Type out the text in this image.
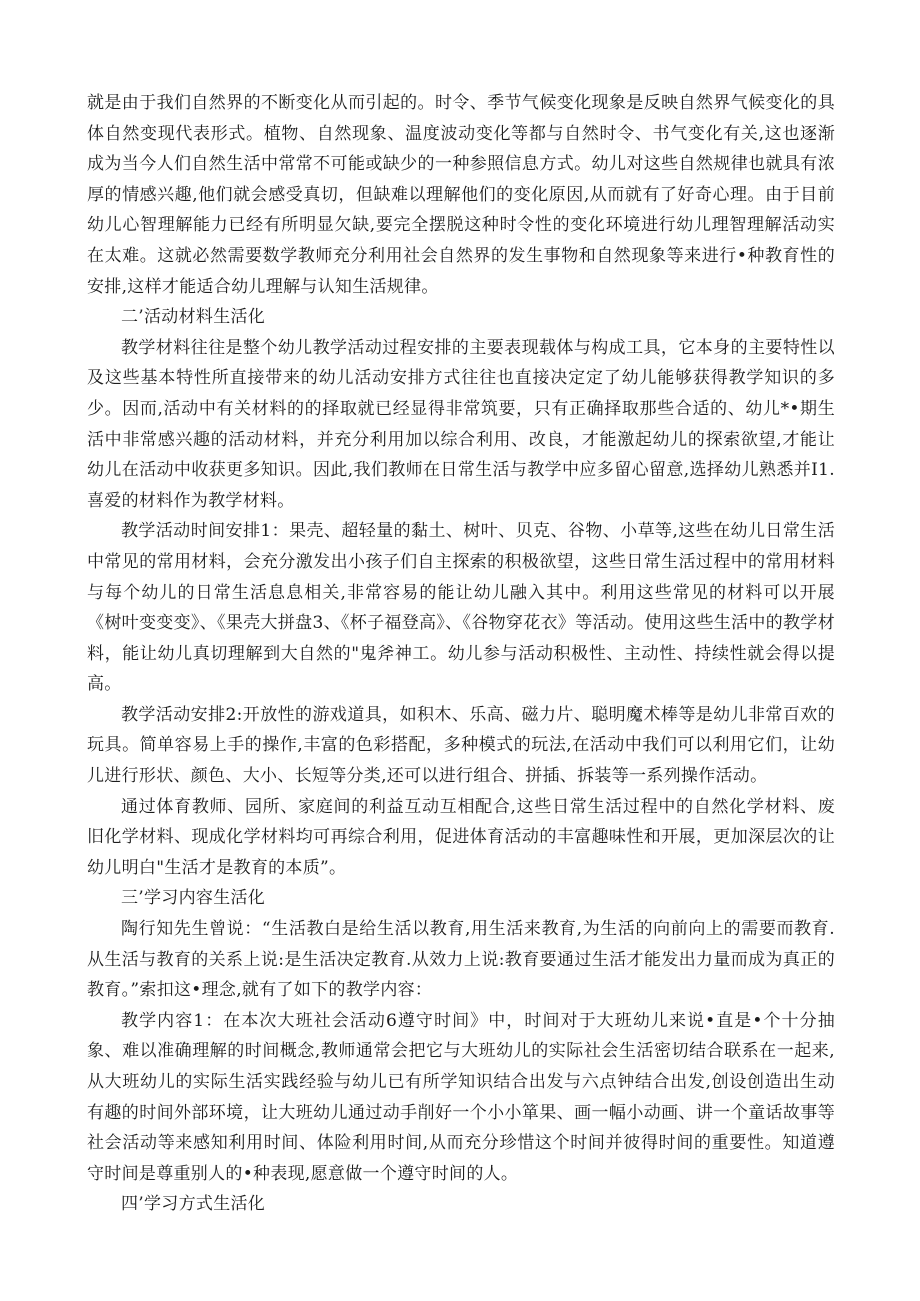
就是由于我们自然界的不断变化从而引起的。时令、季节气候变化现象是反映自然界气候变化的具体自然变现代表形式。植物、自然现象、温度波动变化等都与自然时令、书气变化有关,这也逐渐成为当今人们自然生活中常常不可能或缺少的一种参照信息方式。幼儿对这些自然规律也就具有浓厚的情感兴趣,他们就会感受真切，但缺难以理解他们的变化原因,从而就有了好奇心理。由于目前幼儿心智理解能力已经有所明显欠缺,要完全摆脱这种时令性的变化环境进行幼儿理智理解活动实在太难。这就必然需要数学教师充分利用社会自然界的发生事物和自然现象等来进行•种教育性的安排,这样才能适合幼儿理解与认知生活规律。

二’活动材料生活化

教学材料往往是整个幼儿教学活动过程安排的主要表现载体与构成工具，它本身的主要特性以及这些基本特性所直接带来的幼儿活动安排方式往往也直接决定定了幼儿能够获得教学知识的多少。因而,活动中有关材料的的择取就已经显得非常筑要，只有正确择取那些合适的、幼儿*•期生活中非常感兴趣的活动材料，并充分利用加以综合利用、改良，才能激起幼儿的探索欲望,才能让幼儿在活动中收获更多知识。因此,我们教师在日常生活与教学中应多留心留意,选择幼儿熟悉并I1.喜爱的材料作为教学材料。

教学活动时间安排1：果壳、超轻量的黏土、树叶、贝克、谷物、小草等,这些在幼儿日常生活中常见的常用材料，会充分激发出小孩子们自主探索的积极欲望，这些日常生活过程中的常用材料与每个幼儿的日常生活息息相关,非常容易的能让幼儿融入其中。利用这些常见的材料可以开展《树叶变变变》、《果壳大拼盘3、《杯子福登高》、《谷物穿花衣》等活动。使用这些生活中的教学材料，能让幼儿真切理解到大自然的"鬼斧神工。幼儿参与活动积极性、主动性、持续性就会得以提高。

教学活动安排2:开放性的游戏道具，如积木、乐高、磁力片、聪明魔术棒等是幼儿非常百欢的玩具。简单容易上手的操作,丰富的色彩搭配，多种模式的玩法,在活动中我们可以利用它们，让幼儿进行形状、颜色、大小、长短等分类,还可以进行组合、拼插、拆装等一系列操作活动。

通过体育教师、园所、家庭间的利益互动互相配合,这些日常生活过程中的自然化学材料、废旧化学材料、现成化学材料均可再综合利用，促进体育活动的丰富趣味性和开展，更加深层次的让幼儿明白"生活才是教育的本质”。

三’学习内容生活化

陶行知先生曾说：“生活教白是给生活以教育,用生活来教育,为生活的向前向上的需要而教育.从生活与教育的关系上说:是生活决定教育.从效力上说:教育要通过生活才能发出力量而成为真正的教育。”索扣这•理念,就有了如下的教学内容：

教学内容1：在本次大班社会活动6遵守时间》中，时间对于大班幼儿来说•直是•个十分抽象、难以准确理解的时间概念,教师通常会把它与大班幼儿的实际社会生活密切结合联系在一起来,从大班幼儿的实际生活实践经验与幼儿已有所学知识结合出发与六点钟结合出发,创设创造出生动有趣的时间外部环境，让大班幼儿通过动手削好一个小小箪果、画一幅小动画、讲一个童话故事等社会活动等来感知利用时间、体险利用时间,从而充分珍惜这个时间并彼得时间的重要性。知道遵守时间是尊重别人的•种表现,愿意做一个遵守时间的人。

四’学习方式生活化
